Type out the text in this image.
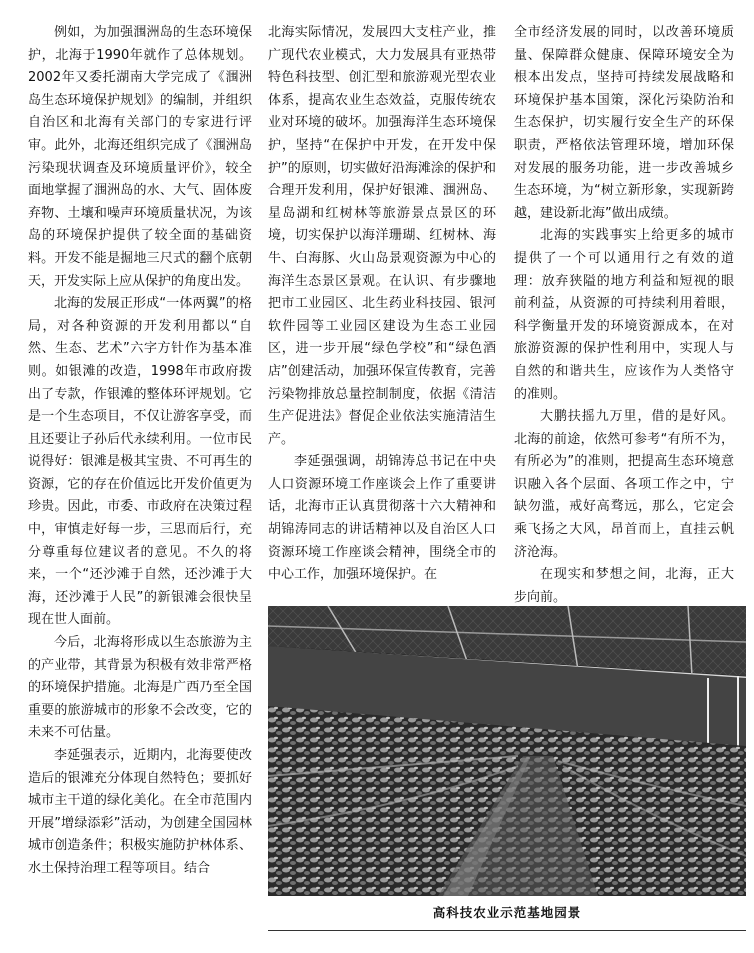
例如，为加强涠洲岛的生态环境保护，北海于1990年就作了总体规划。2002年又委托湖南大学完成了《涠洲岛生态环境保护规划》的编制，并组织自治区和北海有关部门的专家进行评审。此外，北海还组织完成了《涠洲岛污染现状调查及环境质量评价》，较全面地掌握了涠洲岛的水、大气、固体废弃物、土壤和噪声环境质量状况，为该岛的环境保护提供了较全面的基础资料。开发不能是掘地三尺式的翻个底朝天，开发实际上应从保护的角度出发。

北海的发展正形成“一体两翼”的格局，对各种资源的开发利用都以“自然、生态、艺术”六字方针作为基本准则。如银滩的改造，1998年市政府拨出了专款，作银滩的整体环评规划。它是一个生态项目，不仅让游客享受，而且还要让子孙后代永续利用。一位市民说得好：银滩是极其宝贵、不可再生的资源，它的存在价值远比开发价值更为珍贵。因此，市委、市政府在决策过程中，审慎走好每一步，三思而后行，充分尊重每位建议者的意见。不久的将来，一个“还沙滩于自然，还沙滩于大海，还沙滩于人民”的新银滩会很快呈现在世人面前。

今后，北海将形成以生态旅游为主的产业带，其背景为积极有效非常严格的环境保护措施。北海是广西乃至全国重要的旅游城市的形象不会改变，它的未来不可估量。

李延强表示，近期内，北海要使改造后的银滩充分体现自然特色；要抓好城市主干道的绿化美化。在全市范围内开展”增绿添彩”活动，为创建全国园林城市创造条件；积极实施防护林体系、水土保持治理工程等项目。结合

北海实际情况，发展四大支柱产业，推广现代农业模式，大力发展具有亚热带特色科技型、创汇型和旅游观光型农业体系，提高农业生态效益，克服传统农业对环境的破坏。加强海洋生态环境保护，坚持“在保护中开发，在开发中保护”的原则，切实做好沿海滩涂的保护和合理开发利用，保护好银滩、涠洲岛、星岛湖和红树林等旅游景点景区的环境，切实保护以海洋珊瑚、红树林、海牛、白海豚、火山岛景观资源为中心的海洋生态景区景观。在认识、有步骤地把市工业园区、北生药业科技园、银河软件园等工业园区建设为生态工业园区，进一步开展“绿色学校”和“绿色酒店”创建活动，加强环保宣传教育，完善污染物排放总量控制制度，依据《清洁生产促进法》督促企业依法实施清洁生产。

李延强强调，胡锦涛总书记在中央人口资源环境工作座谈会上作了重要讲话，北海市正认真贯彻落十六大精神和胡锦涛同志的讲话精神以及自治区人口资源环境工作座谈会精神，围绕全市的中心工作，加强环境保护。在

全市经济发展的同时，以改善环境质量、保障群众健康、保障环境安全为根本出发点，坚持可持续发展战略和环境保护基本国策，深化污染防治和生态保护，切实履行安全生产的环保职责，严格依法管理环境，增加环保对发展的服务功能，进一步改善城乡生态环境，为“树立新形象，实现新跨越，建设新北海”做出成绩。

北海的实践事实上给更多的城市提供了一个可以通用行之有效的道理：放弃狭隘的地方利益和短视的眼前利益，从资源的可持续利用着眼，科学衡量开发的环境资源成本，在对旅游资源的保护性利用中，实现人与自然的和谐共生，应该作为人类恪守的准则。

大鹏扶摇九万里，借的是好风。北海的前途，依然可参考“有所不为，有所必为”的准则，把提高生态环境意识融入各个层面、各项工作之中，宁缺勿滥，戒好高骛远，那么，它定会乘飞扬之大风，昂首而上，直挂云帆济沧海。

在现实和梦想之间，北海，正大步向前。

高科技农业示范基地园景
